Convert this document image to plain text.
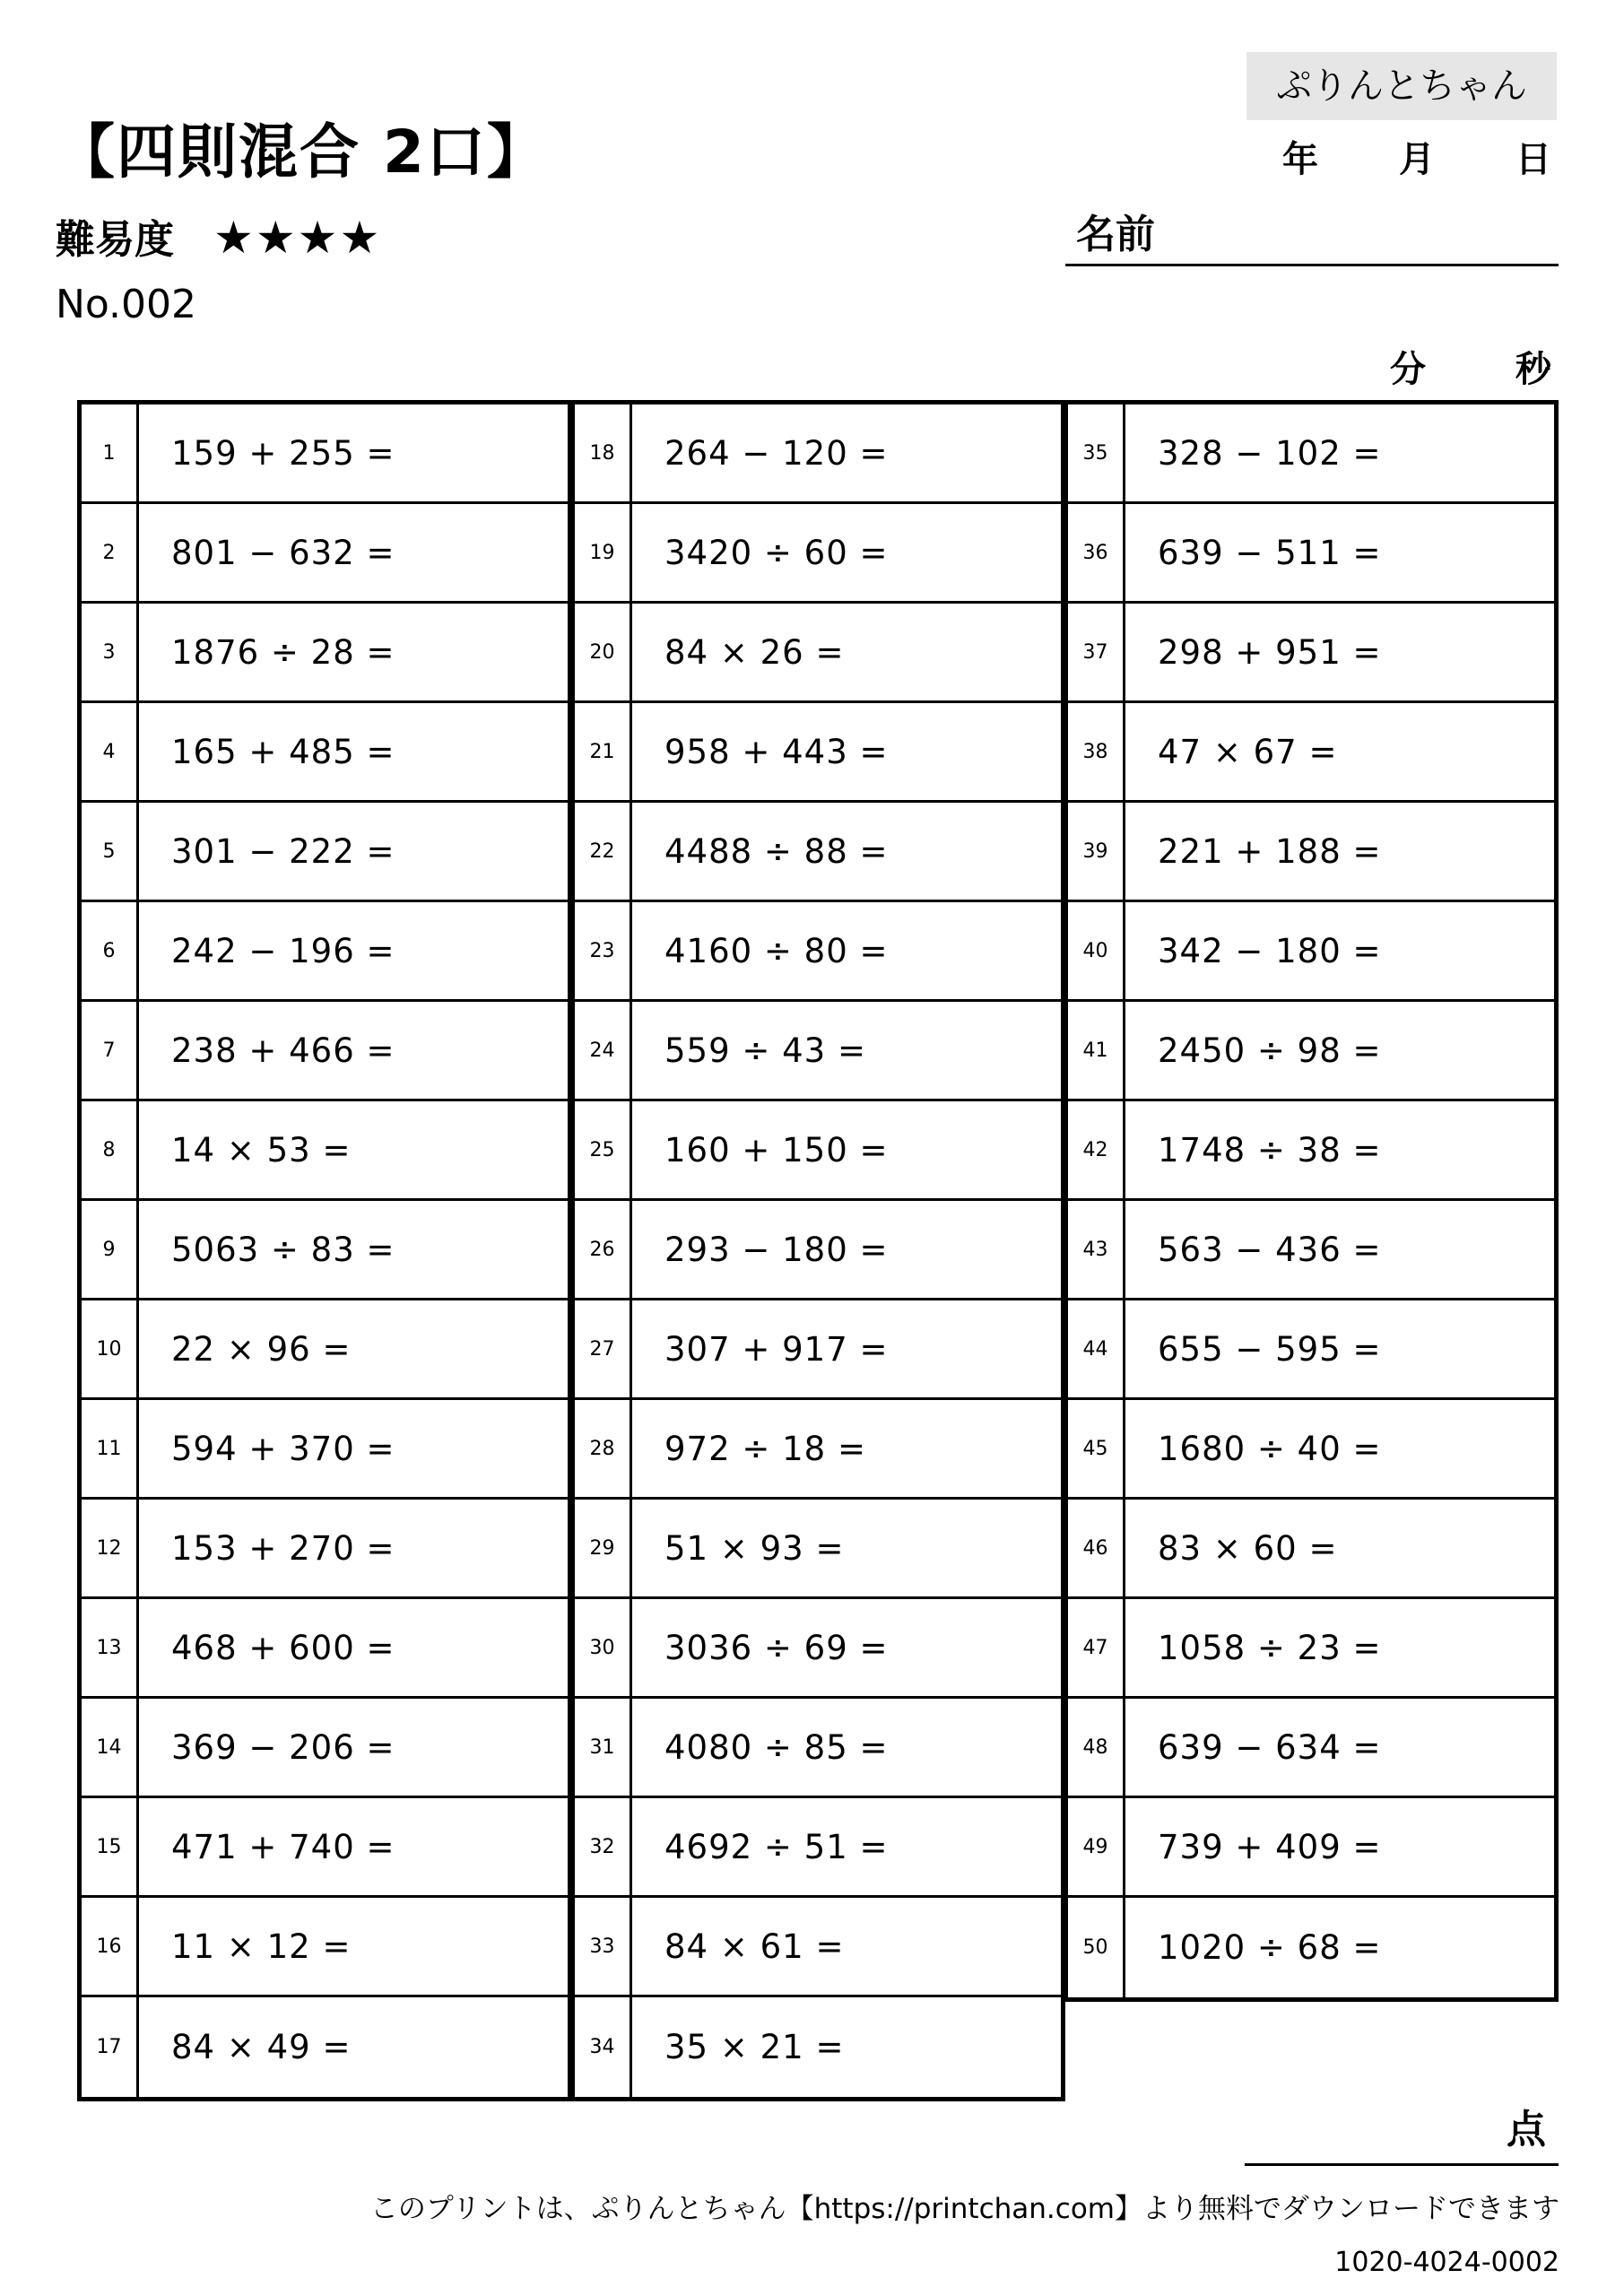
ぷりんとちゃん
【四則混合 2口】	年 月 日
難易度 ★★★★	名前
No.002
分	秒
1	159 + 255 =
2	801 − 632 =
3	1876 ÷ 28 =
4	165 + 485 =
5	301 − 222 =
6	242 − 196 =
7	238 + 466 =
8	14 × 53 =
9	5063 ÷ 83 =
10	22 × 96 =
11	594 + 370 =
12	153 + 270 =
13	468 + 600 =
14	369 − 206 =
15	471 + 740 =
16	11 × 12 =
17	84 × 49 =
18	264 − 120 =
19	3420 ÷ 60 =
20	84 × 26 =
21	958 + 443 =
22	4488 ÷ 88 =
23	4160 ÷ 80 =
24	559 ÷ 43 =
25	160 + 150 =
26	293 − 180 =
27	307 + 917 =
28	972 ÷ 18 =
29	51 × 93 =
30	3036 ÷ 69 =
31	4080 ÷ 85 =
32	4692 ÷ 51 =
33	84 × 61 =
34	35 × 21 =
35	328 − 102 =
36	639 − 511 =
37	298 + 951 =
38	47 × 67 =
39	221 + 188 =
40	342 − 180 =
41	2450 ÷ 98 =
42	1748 ÷ 38 =
43	563 − 436 =
44	655 − 595 =
45	1680 ÷ 40 =
46	83 × 60 =
47	1058 ÷ 23 =
48	639 − 634 =
49	739 + 409 =
50	1020 ÷ 68 =
点
このプリントは、ぷりんとちゃん【https://printchan.com】より無料でダウンロードできます
1020-4024-0002
